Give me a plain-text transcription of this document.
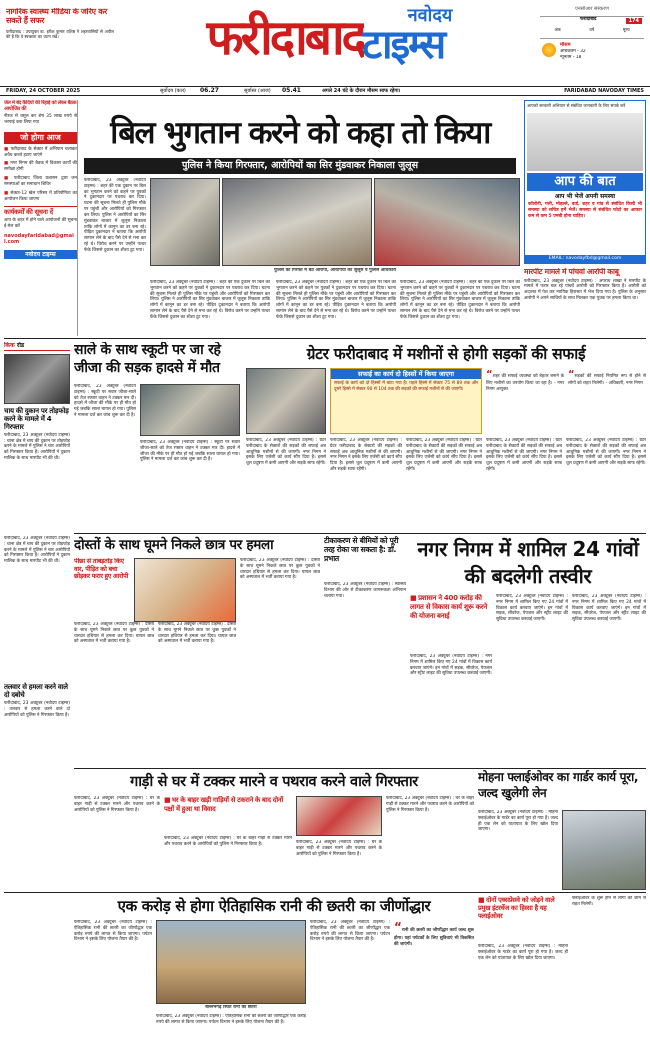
नागरिक स्वास्थ्य मीडिया के जरिए कर सकते हैं सफर
फरीदाबाद : उपायुक्त डा. हरीश कुमार वशिष्ठ ने शहरवासियों से अपील की है कि वे स्वच्छता का ध्यान रखें।	फरीदाबाद	नवोदय
टाइम्स
एनसीआर संस्करण
फरीदाबाद	174
अंक	वर्ष	मूल्य
मौसम
अधिकतम - 32
न्यूनतम - 18
FRIDAY, 24 OCTOBER 2025	सूर्योदय (कल) 06.27	सूर्यास्त (आज) 05.41	अगले 24 घंटे के दौरान मौसम साफ रहेगा।	FARIDABAD NAVODAY TIMES
जेल में बंद कैदियों की रिहाई को लेकर बैठक आयोजित की
नीरज से वसूल कर शेष 35 लाख रुपये से भरपाई करा लिया गया
जो होगा आज
■ फरीदाबाद के सेक्टर में अभियान चलाकर अवैध कब्जे हटाए जाएंगे
■ नगर निगम की बैठक में विकास कार्यों की समीक्षा होगी
■ फरीदाबाद जिला प्रशासन द्वारा जन समस्याओं का समाधान शिविर
■ सेक्टर-12 खेल परिसर में प्रतियोगिता का आयोजन किया जाएगा
कार्यकर्मों की सूचना दें
आप के शहर में होने वाले आयोजनों की सूचना ई-मेल करें
navodayfaridabad@gmail.com
नवोदय टाइम्स
बिल भुगतान करने को कहा तो किया
पुलिस ने किया गिरफ्तार, आरोपियों का सिर मुंडवाकर निकाला जुलूस
पुलिस की गिरफ्त में बैठे आरोपी, आरोपियों का जुलूस व पुलिस अधिकारी
फरीदाबाद, 23 अक्टूबर (नवोदय टाइम्स) : शहर की एक दुकान पर बिल का भुगतान करने को कहने पर युवकों ने दुकानदार पर पथराव कर दिया। घटना की सूचना मिलते ही पुलिस मौके पर पहुंची और आरोपियों को गिरफ्तार कर लिया। पुलिस ने आरोपियों का सिर मुंडवाकर बाजार में जुलूस निकाला ताकि लोगों में कानून का डर बना रहे। पीड़ित दुकानदार ने बताया कि आरोपी सामान लेने के बाद पैसे देने से मना कर रहे थे। विरोध करने पर उन्होंने पत्थर फेंके जिससे दुकान का शीशा टूट गया।
फरीदाबाद, 23 अक्टूबर (नवोदय टाइम्स) : शहर की एक दुकान पर बिल का भुगतान करने को कहने पर युवकों ने दुकानदार पर पथराव कर दिया। घटना की सूचना मिलते ही पुलिस मौके पर पहुंची और आरोपियों को गिरफ्तार कर लिया। पुलिस ने आरोपियों का सिर मुंडवाकर बाजार में जुलूस निकाला ताकि लोगों में कानून का डर बना रहे। पीड़ित दुकानदार ने बताया कि आरोपी सामान लेने के बाद पैसे देने से मना कर रहे थे। विरोध करने पर उन्होंने पत्थर फेंके जिससे दुकान का शीशा टूट गया।
फरीदाबाद, 23 अक्टूबर (नवोदय टाइम्स) : शहर की एक दुकान पर बिल का भुगतान करने को कहने पर युवकों ने दुकानदार पर पथराव कर दिया। घटना की सूचना मिलते ही पुलिस मौके पर पहुंची और आरोपियों को गिरफ्तार कर लिया। पुलिस ने आरोपियों का सिर मुंडवाकर बाजार में जुलूस निकाला ताकि लोगों में कानून का डर बना रहे। पीड़ित दुकानदार ने बताया कि आरोपी सामान लेने के बाद पैसे देने से मना कर रहे थे। विरोध करने पर उन्होंने पत्थर फेंके जिससे दुकान का शीशा टूट गया।
फरीदाबाद, 23 अक्टूबर (नवोदय टाइम्स) : शहर की एक दुकान पर बिल का भुगतान करने को कहने पर युवकों ने दुकानदार पर पथराव कर दिया। घटना की सूचना मिलते ही पुलिस मौके पर पहुंची और आरोपियों को गिरफ्तार कर लिया। पुलिस ने आरोपियों का सिर मुंडवाकर बाजार में जुलूस निकाला ताकि लोगों में कानून का डर बना रहे। पीड़ित दुकानदार ने बताया कि आरोपी सामान लेने के बाद पैसे देने से मना कर रहे थे। विरोध करने पर उन्होंने पत्थर फेंके जिससे दुकान का शीशा टूट गया।
आपको सरकारी अभियान से संबंधित जानकारी के लिए संपर्क करें
आप की बात
आप भी भेजें अपनी समस्या
कॉलोनी, गली, मोहल्ले, वार्ड, शहर व गांव से संबंधित किसी भी समस्या को सचित्र हमें भेजें। समस्या से संबंधित फोटो का आकार कम से कम 5 एमबी होना चाहिए।
EMAIL: navodayfbd@gmail.com
मारपीट मामले में पांचवां आरोपी काबू
फरीदाबाद, 23 अक्टूबर (नवोदय टाइम्स) : अपराध शाखा ने मारपीट के मामले में फरार चल रहे पांचवें आरोपी को गिरफ्तार किया है। आरोपी को अदालत में पेश कर न्यायिक हिरासत में भेज दिया गया है। पुलिस के अनुसार आरोपी ने अपने साथियों के साथ मिलकर एक युवक पर हमला किया था।
किक रोड
चाय की दुकान पर तोड़फोड़ करने के मामले में 4 गिरफ्तार
फरीदाबाद, 23 अक्टूबर (नवोदय टाइम्स) : थाना क्षेत्र में चाय की दुकान पर तोड़फोड़ करने के मामले में पुलिस ने चार आरोपियों को गिरफ्तार किया है। आरोपियों ने दुकान मालिक के साथ मारपीट भी की थी।
साले के साथ स्कूटी पर जा रहे जीजा की सड़क हादसे में मौत
फरीदाबाद, 23 अक्टूबर (नवोदय टाइम्स) : स्कूटी पर सवार जीजा-साले को तेज रफ्तार वाहन ने टक्कर मार दी। हादसे में जीजा की मौके पर ही मौत हो गई जबकि साला घायल हो गया। पुलिस ने मामला दर्ज कर जांच शुरू कर दी है।
फरीदाबाद, 23 अक्टूबर (नवोदय टाइम्स) : स्कूटी पर सवार जीजा-साले को तेज रफ्तार वाहन ने टक्कर मार दी। हादसे में जीजा की मौके पर ही मौत हो गई जबकि साला घायल हो गया। पुलिस ने मामला दर्ज कर जांच शुरू कर दी है।
ग्रेटर फरीदाबाद में मशीनों से होगी सड़कों की सफाई
सफाई का कार्य दो हिस्सों में किया जाएगा
सफाई के कार्य को दो हिस्सों में बांटा गया है। पहले हिस्से में सेक्टर 75 से 89 तक और दूसरे हिस्से में सेक्टर 90 से 104 तक की सड़कों की सफाई मशीनों से की जाएगी।
“शहर की सफाई व्यवस्था को बेहतर बनाने के लिए मशीनों का उपयोग किया जा रहा है। - नगर निगम आयुक्त
“सड़कों की सफाई नियमित रूप से होने से लोगों को राहत मिलेगी। - अधिकारी, नगर निगम
फरीदाबाद, 23 अक्टूबर (नवोदय टाइम्स) : ग्रेटर फरीदाबाद के सेक्टरों की सड़कों की सफाई अब आधुनिक मशीनों से की जाएगी। नगर निगम ने इसके लिए एजेंसी को कार्य सौंप दिया है। इससे धूल प्रदूषण में कमी आएगी और सड़कें साफ रहेंगी।
फरीदाबाद, 23 अक्टूबर (नवोदय टाइम्स) : ग्रेटर फरीदाबाद के सेक्टरों की सड़कों की सफाई अब आधुनिक मशीनों से की जाएगी। नगर निगम ने इसके लिए एजेंसी को कार्य सौंप दिया है। इससे धूल प्रदूषण में कमी आएगी और सड़कें साफ रहेंगी।
फरीदाबाद, 23 अक्टूबर (नवोदय टाइम्स) : ग्रेटर फरीदाबाद के सेक्टरों की सड़कों की सफाई अब आधुनिक मशीनों से की जाएगी। नगर निगम ने इसके लिए एजेंसी को कार्य सौंप दिया है। इससे धूल प्रदूषण में कमी आएगी और सड़कें साफ रहेंगी।
फरीदाबाद, 23 अक्टूबर (नवोदय टाइम्स) : ग्रेटर फरीदाबाद के सेक्टरों की सड़कों की सफाई अब आधुनिक मशीनों से की जाएगी। नगर निगम ने इसके लिए एजेंसी को कार्य सौंप दिया है। इससे धूल प्रदूषण में कमी आएगी और सड़कें साफ रहेंगी।
फरीदाबाद, 23 अक्टूबर (नवोदय टाइम्स) : ग्रेटर फरीदाबाद के सेक्टरों की सड़कों की सफाई अब आधुनिक मशीनों से की जाएगी। नगर निगम ने इसके लिए एजेंसी को कार्य सौंप दिया है। इससे धूल प्रदूषण में कमी आएगी और सड़कें साफ रहेंगी।
फरीदाबाद, 23 अक्टूबर (नवोदय टाइम्स) : थाना क्षेत्र में चाय की दुकान पर तोड़फोड़ करने के मामले में पुलिस ने चार आरोपियों को गिरफ्तार किया है। आरोपियों ने दुकान मालिक के साथ मारपीट भी की थी।
तलवार से हमला करने वाले दो दबोचे
फरीदाबाद, 23 अक्टूबर (नवोदय टाइम्स) : तलवार से हमला करने वाले दो आरोपियों को पुलिस ने गिरफ्तार किया है।
दोस्तों के साथ घूमने निकले छात्र पर हमला
पीछा से ताबड़तोड़ किए वार, पीड़ित को बचा छोड़कर फरार हुए आरोपी
फरीदाबाद, 23 अक्टूबर (नवोदय टाइम्स) : दोस्तों के साथ घूमने निकले छात्र पर कुछ युवकों ने धारदार हथियार से हमला कर दिया। घायल छात्र को अस्पताल में भर्ती कराया गया है।
फरीदाबाद, 23 अक्टूबर (नवोदय टाइम्स) : दोस्तों के साथ घूमने निकले छात्र पर कुछ युवकों ने धारदार हथियार से हमला कर दिया। घायल छात्र को अस्पताल में भर्ती कराया गया है।
फरीदाबाद, 23 अक्टूबर (नवोदय टाइम्स) : दोस्तों के साथ घूमने निकले छात्र पर कुछ युवकों ने धारदार हथियार से हमला कर दिया। घायल छात्र को अस्पताल में भर्ती कराया गया है।
टीकाकरण से बीमियों को पूरी तरह रोका जा सकता है: डॉ. प्रभात
फरीदाबाद, 23 अक्टूबर (नवोदय टाइम्स) : स्वास्थ्य विभाग की ओर से टीकाकरण जागरूकता अभियान चलाया गया।
नगर निगम में शामिल 24 गांवों की बदलेगी तस्वीर
■ प्रशासन ने 400 करोड़ की लागत से विकास कार्य शुरू करने की योजना बनाई
फरीदाबाद, 23 अक्टूबर (नवोदय टाइम्स) : नगर निगम में शामिल किए गए 24 गांवों में विकास कार्य करवाए जाएंगे। इन गांवों में सड़क, सीवरेज, पेयजल और स्ट्रीट लाइट की सुविधा उपलब्ध करवाई जाएगी।
फरीदाबाद, 23 अक्टूबर (नवोदय टाइम्स) : नगर निगम में शामिल किए गए 24 गांवों में विकास कार्य करवाए जाएंगे। इन गांवों में सड़क, सीवरेज, पेयजल और स्ट्रीट लाइट की सुविधा उपलब्ध करवाई जाएगी।
फरीदाबाद, 23 अक्टूबर (नवोदय टाइम्स) : नगर निगम में शामिल किए गए 24 गांवों में विकास कार्य करवाए जाएंगे। इन गांवों में सड़क, सीवरेज, पेयजल और स्ट्रीट लाइट की सुविधा उपलब्ध करवाई जाएगी।
गाड़ी से घर में टक्कर मारने व पथराव करने वाले गिरफ्तार
फरीदाबाद, 23 अक्टूबर (नवोदय टाइम्स) : घर के बाहर गाड़ी से टक्कर मारने और पथराव करने के आरोपियों को पुलिस ने गिरफ्तार किया है।
■ घर के बाहर खड़ी गाड़ियों से टकराने के बाद दोनों पक्षों में हुआ था विवाद
फरीदाबाद, 23 अक्टूबर (नवोदय टाइम्स) : घर के बाहर गाड़ी से टक्कर मारने और पथराव करने के आरोपियों को पुलिस ने गिरफ्तार किया है।	फरीदाबाद, 23 अक्टूबर (नवोदय टाइम्स) : घर के बाहर गाड़ी से टक्कर मारने और पथराव करने के आरोपियों को पुलिस ने गिरफ्तार किया है।
फरीदाबाद, 23 अक्टूबर (नवोदय टाइम्स) : घर के बाहर गाड़ी से टक्कर मारने और पथराव करने के आरोपियों को पुलिस ने गिरफ्तार किया है।
मोहना फ्लाईओवर का गार्डर कार्य पूरा, जल्द खुलेगी लेन
फरीदाबाद, 23 अक्टूबर (नवोदय टाइम्स) : मोहना फ्लाईओवर के गार्डर का कार्य पूरा हो गया है। जल्द ही एक लेन को यातायात के लिए खोल दिया जाएगा।
एक करोड़ से होगा ऐतिहासिक रानी की छतरी का जीर्णोद्धार
फरीदाबाद, 23 अक्टूबर (नवोदय टाइम्स) : ऐतिहासिक रानी की छतरी का जीर्णोद्धार एक करोड़ रुपये की लागत से किया जाएगा। पर्यटन विभाग ने इसके लिए योजना तैयार की है।
बल्लभगढ़ स्थित रानी की छतरी
फरीदाबाद, 23 अक्टूबर (नवोदय टाइम्स) : ऐतिहासिक रानी की छतरी का जीर्णोद्धार एक करोड़ रुपये की लागत से किया जाएगा। पर्यटन विभाग ने इसके लिए योजना तैयार की है।
फरीदाबाद, 23 अक्टूबर (नवोदय टाइम्स) : ऐतिहासिक रानी की छतरी का जीर्णोद्धार एक करोड़ रुपये की लागत से किया जाएगा। पर्यटन विभाग ने इसके लिए योजना तैयार की है।
“रानी की छतरी का जीर्णोद्धार कार्य जल्द शुरू होगा। यहां पर्यटकों के लिए सुविधाएं भी विकसित की जाएंगी।
■ दोनों एक्सप्रेसवे को जोड़ने वाले प्रमुख इंटरचेंज का हिस्सा है यह फ्लाईओवर
फरीदाबाद, 23 अक्टूबर (नवोदय टाइम्स) : मोहना फ्लाईओवर के गार्डर का कार्य पूरा हो गया है। जल्द ही एक लेन को यातायात के लिए खोल दिया जाएगा।
फ्लाईओवर के शुरू होने से लोगों को जाम से राहत मिलेगी।
